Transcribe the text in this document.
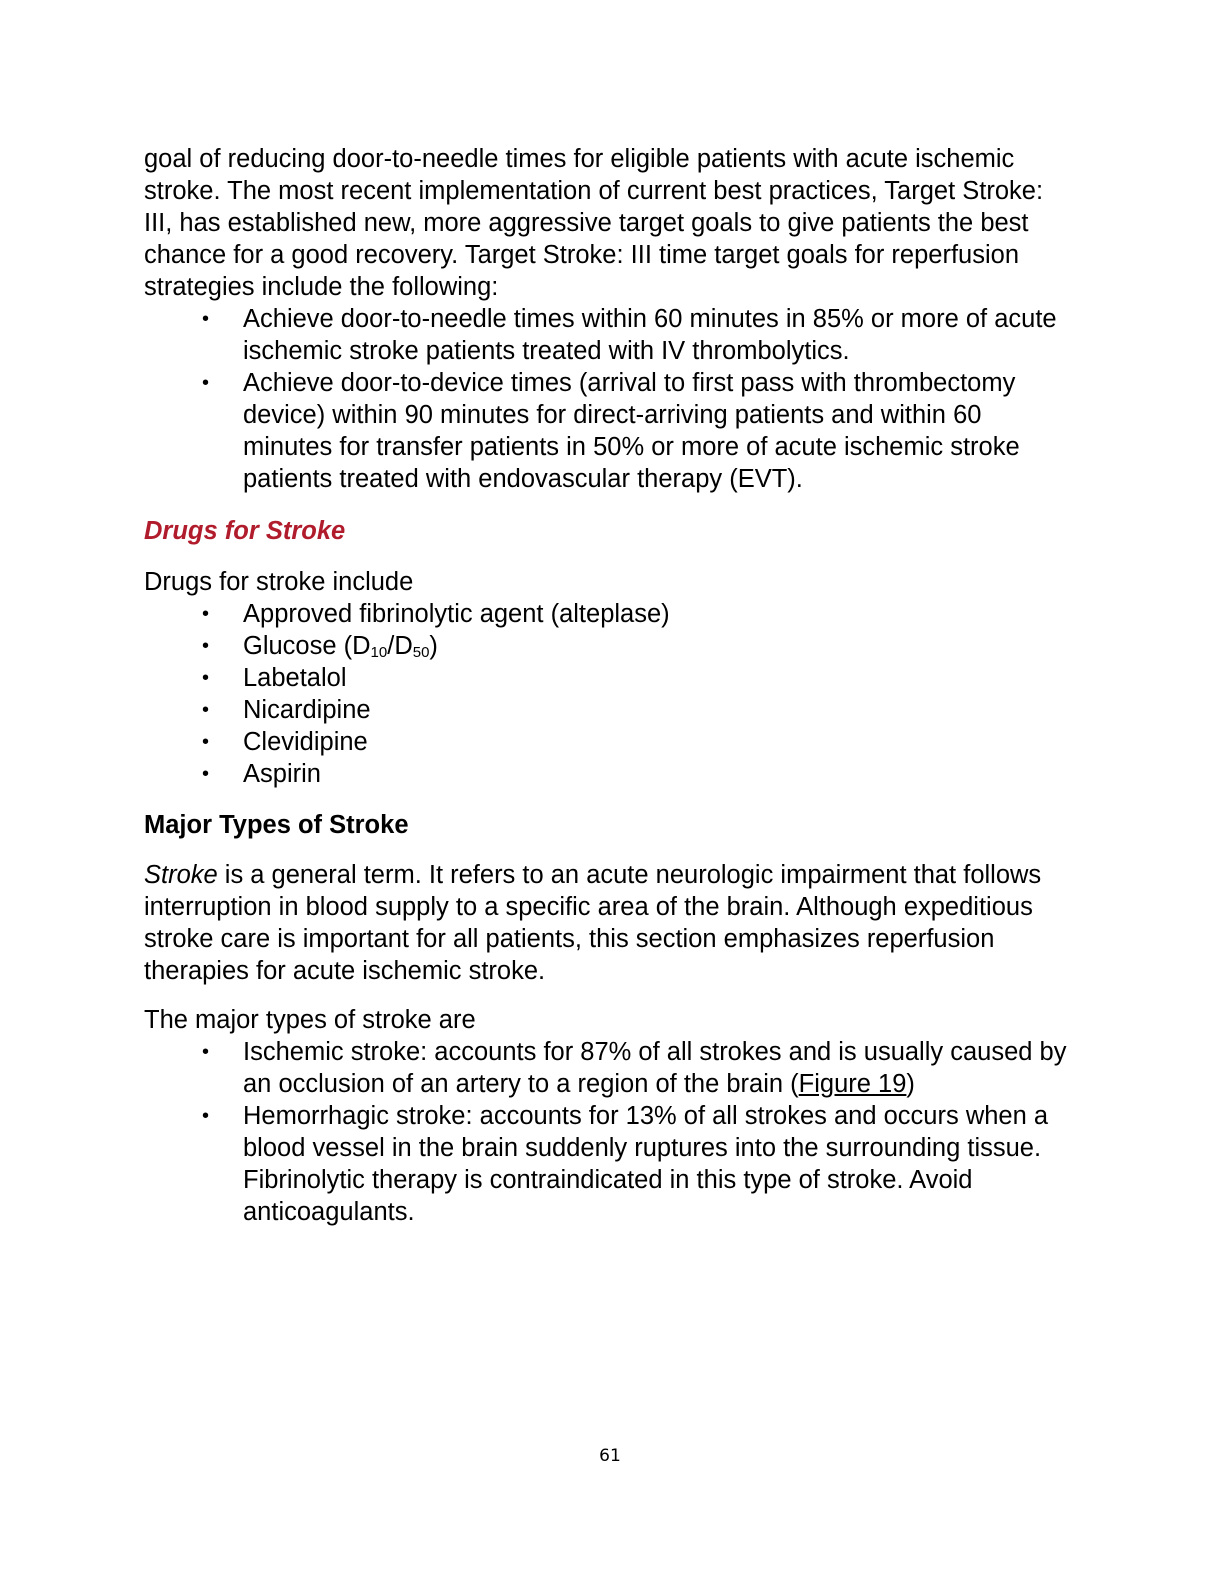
goal of reducing door-to-needle times for eligible patients with acute ischemic stroke. The most recent implementation of current best practices, Target Stroke: III, has established new, more aggressive target goals to give patients the best chance for a good recovery. Target Stroke: III time target goals for reperfusion strategies include the following:

• Achieve door-to-needle times within 60 minutes in 85% or more of acute ischemic stroke patients treated with IV thrombolytics.
• Achieve door-to-device times (arrival to first pass with thrombectomy device) within 90 minutes for direct-arriving patients and within 60 minutes for transfer patients in 50% or more of acute ischemic stroke patients treated with endovascular therapy (EVT).
Drugs for Stroke

Drugs for stroke include

• Approved fibrinolytic agent (alteplase)
• Glucose $(D_{10}/D_{50})$
• Labetalol
• Nicardipine
• Clevidipine
• Aspirin
Major Types of Stroke

Stroke is a general term. It refers to an acute neurologic impairment that follows interruption in blood supply to a specific area of the brain. Although expeditious stroke care is important for all patients, this section emphasizes reperfusion therapies for acute ischemic stroke.

The major types of stroke are

• Ischemic stroke: accounts for 87% of all strokes and is usually caused by an occlusion of an artery to a region of the brain (Figure 19)
• Hemorrhagic stroke: accounts for 13% of all strokes and occurs when a blood vessel in the brain suddenly ruptures into the surrounding tissue. Fibrinolytic therapy is contraindicated in this type of stroke. Avoid anticoagulants.
61
